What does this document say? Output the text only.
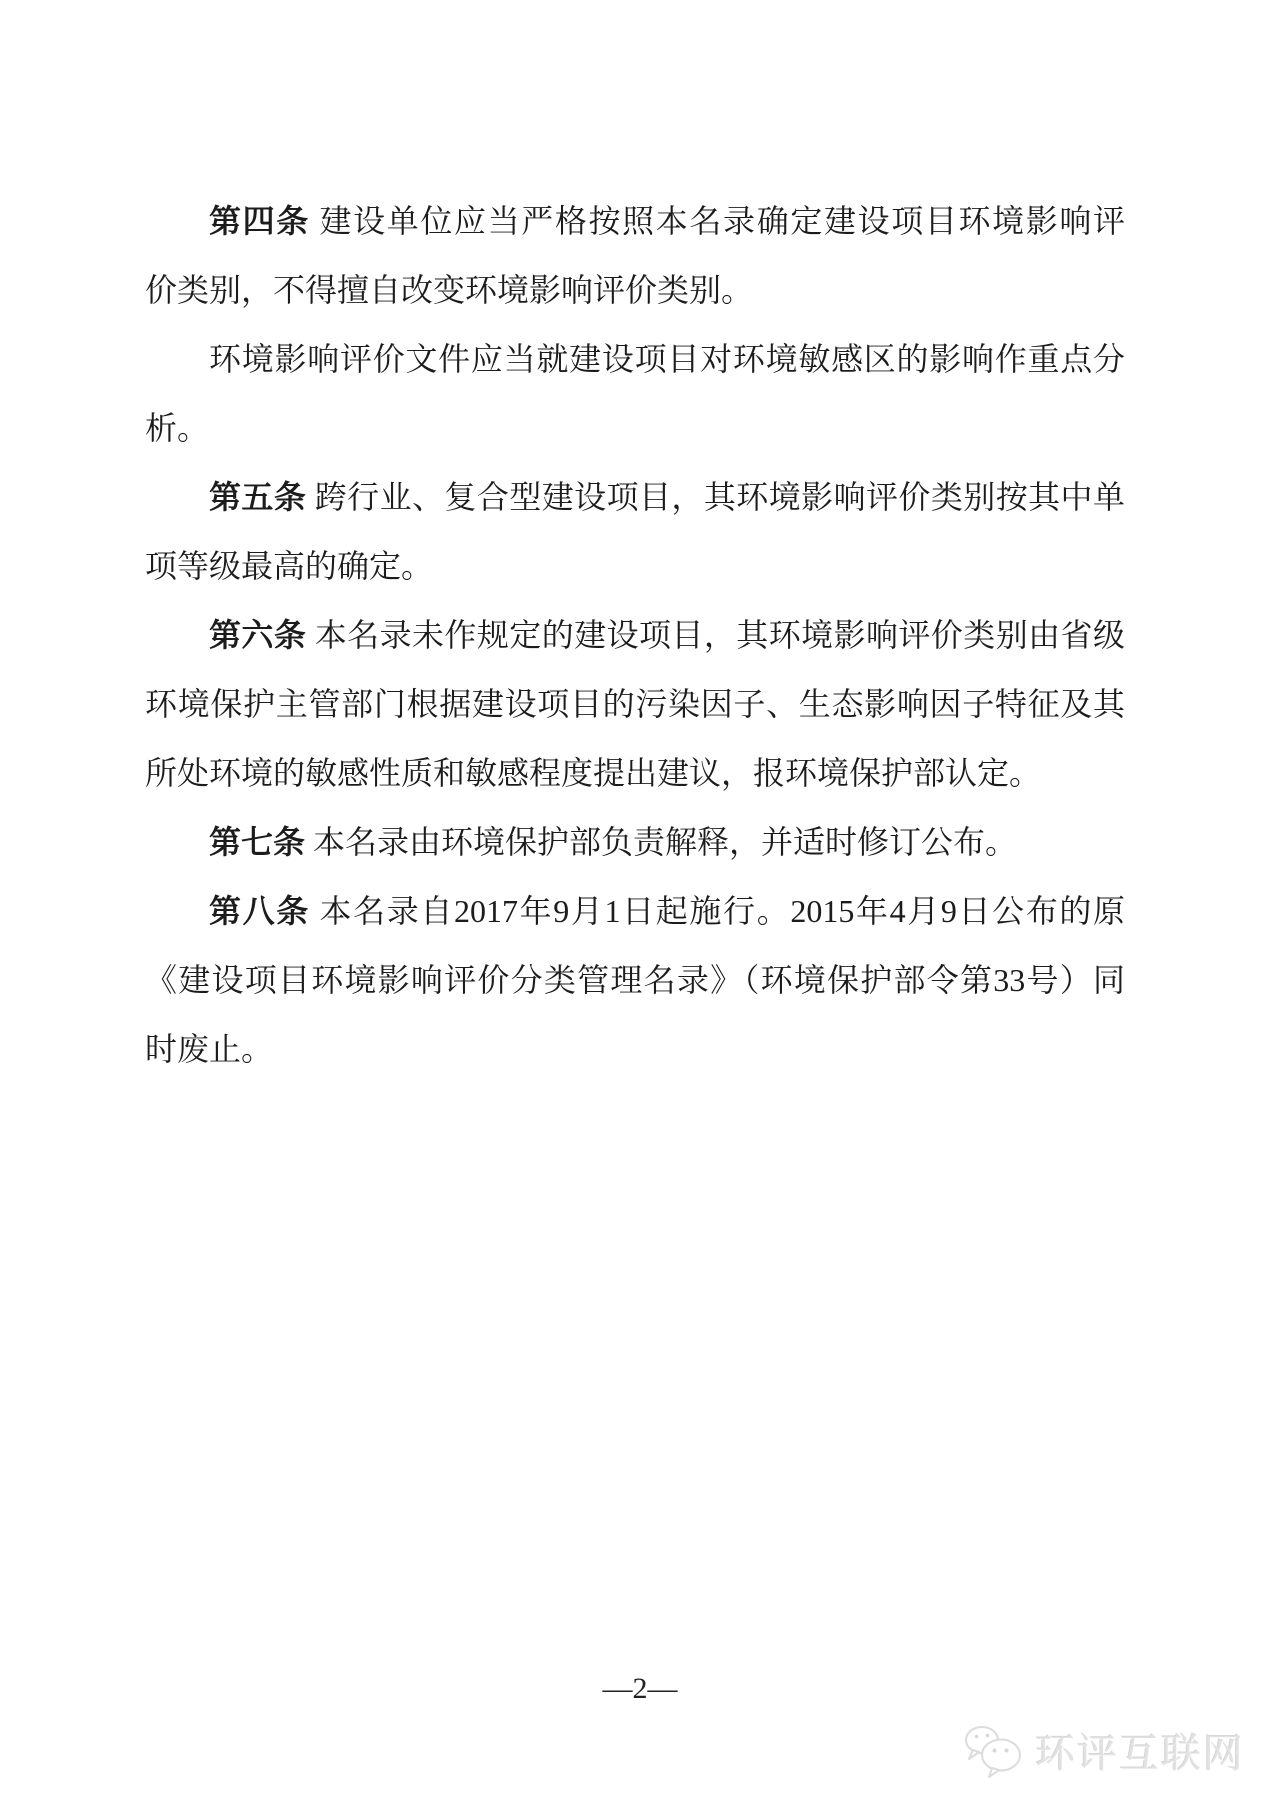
第四条 建设单位应当严格按照本名录确定建设项目环境影响评
价类别，不得擅自改变环境影响评价类别。
环境影响评价文件应当就建设项目对环境敏感区的影响作重点分
析。
第五条 跨行业、复合型建设项目，其环境影响评价类别按其中单
项等级最高的确定。
第六条 本名录未作规定的建设项目，其环境影响评价类别由省级
环境保护主管部门根据建设项目的污染因子、生态影响因子特征及其
所处环境的敏感性质和敏感程度提出建议，报环境保护部认定。
第七条 本名录由环境保护部负责解释，并适时修订公布。
第八条 本名录自2017年9月1日起施行。2015年4月9日公布的原
《建设项目环境影响评价分类管理名录》（环境保护部令第33号）同
时废止。
—2—
环评互联网
